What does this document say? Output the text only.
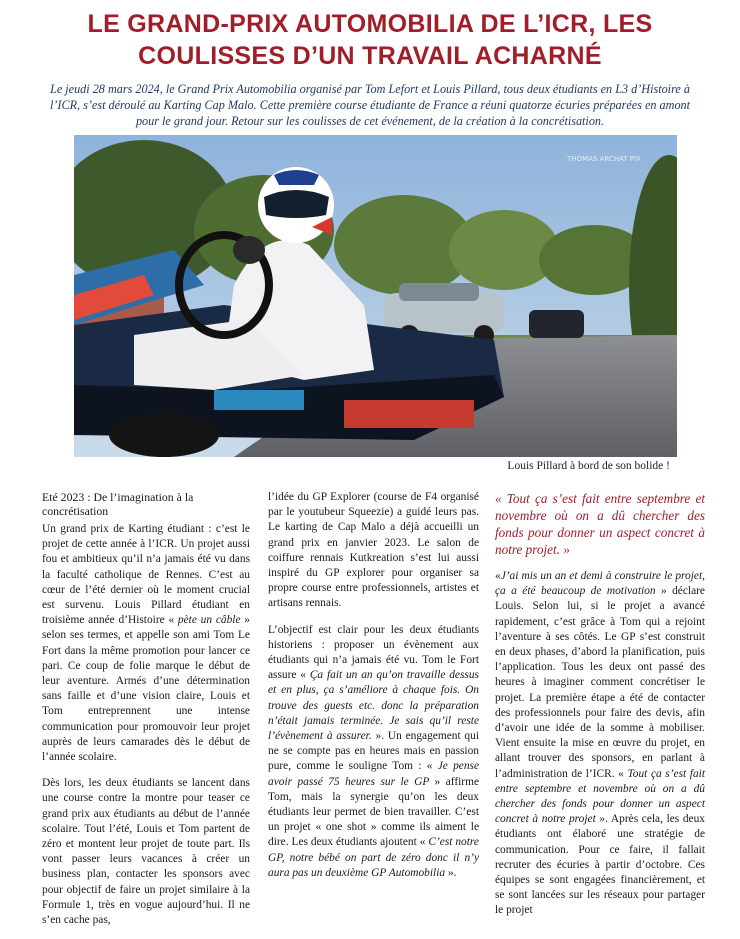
LE GRAND-PRIX AUTOMOBILIA DE L’ICR, LES COULISSES D’UN TRAVAIL ACHARNÉ

Le jeudi 28 mars 2024, le Grand Prix Automobilia organisé par Tom Lefort et Louis Pillard, tous deux étudiants en L3 d’Histoire à l’ICR, s’est déroulé au Karting Cap Malo. Cette première course étudiante de France a réuni quatorze écuries préparées en amont pour le grand jour. Retour sur les coulisses de cet événement, de la création à la concrétisation.

THOMAS ARCHAT PIX
Louis Pillard à bord de son bolide !
Eté 2023 : De l’imagination à la concrétisation

Un grand prix de Karting étudiant : c’est le projet de cette année à l’ICR. Un projet aussi fou et ambitieux qu’il n’a jamais été vu dans la faculté catholique de Rennes. C’est au cœur de l’été dernier où le moment crucial est survenu. Louis Pillard étudiant en troisième année d’Histoire « pète un câble » selon ses termes, et appelle son ami Tom Le Fort dans la même promotion pour lancer ce pari. Ce coup de folie marque le début de leur aventure. Armés d’une détermination sans faille et d’une vision claire, Louis et Tom entreprennent une intense communication pour promouvoir leur projet auprès de leurs camarades dès le début de l’année scolaire.

Dès lors, les deux étudiants se lancent dans une course contre la montre pour teaser ce grand prix aux étudiants au début de l’année scolaire. Tout l’été, Louis et Tom partent de zéro et montent leur projet de toute part. Ils vont passer leurs vacances à créer un business plan, contacter les sponsors avec pour objectif de faire un projet similaire à la Formule 1, très en vogue aujourd’hui. Il ne s’en cache pas,

l’idée du GP Explorer (course de F4 organisé par le youtubeur Squeezie) a guidé leurs pas. Le karting de Cap Malo a déjà accueilli un grand prix en janvier 2023. Le salon de coiffure rennais Kutkreation s’est lui aussi inspiré du GP explorer pour organiser sa propre course entre professionnels, artistes et artisans rennais.

L’objectif est clair pour les deux étudiants historiens : proposer un évènement aux étudiants qui n’a jamais été vu. Tom le Fort assure « Ça fait un an qu’on travaille dessus et en plus, ça s’améliore à chaque fois. On trouve des guests etc. donc la préparation n’était jamais terminée. Je sais qu’il reste l’évènement à assurer. ». Un engagement qui ne se compte pas en heures mais en passion pure, comme le souligne Tom : « Je pense avoir passé 75 heures sur le GP » affirme Tom, mais la synergie qu’on les deux étudiants leur permet de bien travailler. C’est un projet « one shot » comme ils aiment le dire. Les deux étudiants ajoutent « C’est notre GP, notre bébé on part de zéro donc il n’y aura pas un deuxième GP Automobilia ».

« Tout ça s’est fait entre septembre et novembre où on a dû chercher des fonds pour donner un aspect concret à notre projet. »

«J’ai mis un an et demi à construire le projet, ça a été beaucoup de motivation » déclare Louis. Selon lui, si le projet a avancé rapidement, c’est grâce à Tom qui a rejoint l’aventure à ses côtés. Le GP s’est construit en deux phases, d’abord la planification, puis l’application. Tous les deux ont passé des heures à imaginer comment concrétiser le projet. La première étape a été de contacter des professionnels pour faire des devis, afin d’avoir une idée de la somme à mobiliser. Vient ensuite la mise en œuvre du projet, en allant trouver des sponsors, en parlant à l’administration de l’ICR. « Tout ça s’est fait entre septembre et novembre où on a dû chercher des fonds pour donner un aspect concret à notre projet ». Après cela, les deux étudiants ont élaboré une stratégie de communication. Pour ce faire, il fallait recruter des écuries à partir d’octobre. Ces équipes se sont engagées financièrement, et se sont lancées sur les réseaux pour partager le projet
